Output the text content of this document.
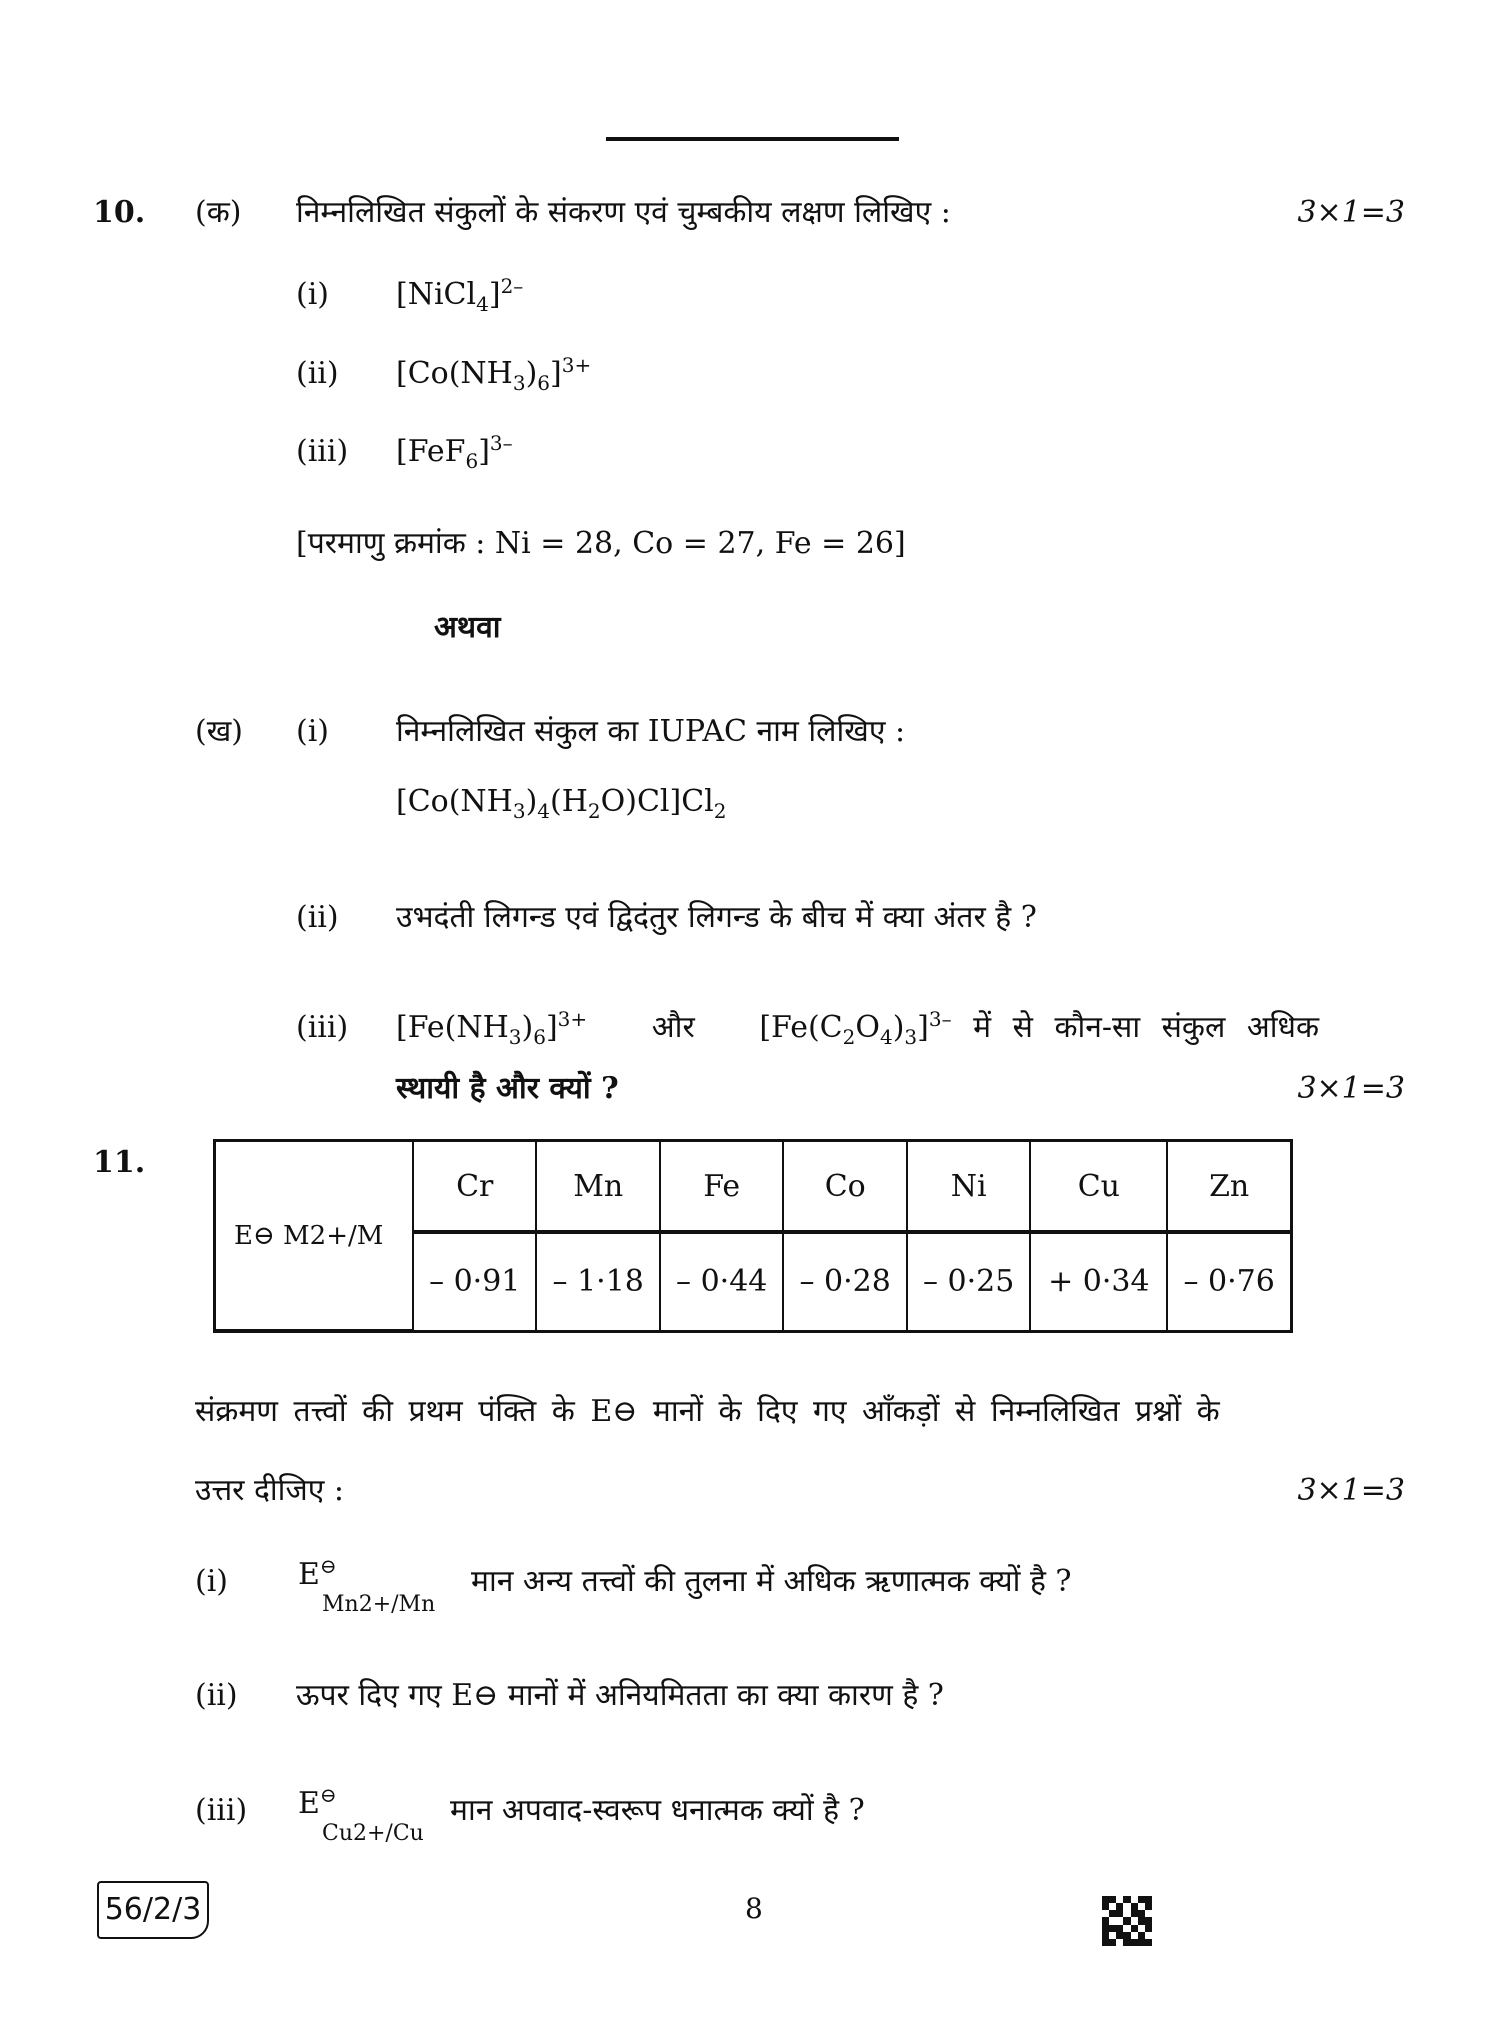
10. (क) निम्नलिखित संकुलों के संकरण एवं चुम्बकीय लक्षण लिखिए :	3×1=3
(i) [NiCl$_4$]$^{2-}$
(ii) $[Co(NH_3)_6]^{3+}$
(iii) $[FeF_6]^{3-}$
[परमाणु क्रमांक : Ni = 28, Co = 27, Fe = 26]
अथवा
(ख) (i) निम्नलिखित संकुल का IUPAC नाम लिखिए :
$[Co(NH_3)_4(H_2O)Cl]Cl_2$
(ii) उभदंती लिगन्ड एवं द्विदंतुर लिगन्ड के बीच में क्या अंतर है ?
(iii) $[Fe(NH_3)_6]^{3+}$ और   $[Fe(C_2O_4)_3]^{3-}$ में से कौन-सा संकुल अधिक
स्थायी है और क्यों ?	3×1=3
11.
E⊖ M2+/M	Cr	Mn	Fe	Co	Ni	Cu	Zn
	– 0·91	– 1·18	– 0·44	– 0·28	– 0·25	+ 0·34	– 0·76
संक्रमण तत्त्वों की प्रथम पंक्ति के E⊖ मानों के दिए गए आँकड़ों से निम्नलिखित प्रश्नों के
उत्तर दीजिए :	3×1=3
(i) E⊖
Mn2+/Mn
मान अन्य तत्त्वों की तुलना में अधिक ऋणात्मक क्यों है ?
(ii) ऊपर दिए गए E⊖ मानों में अनियमितता का क्या कारण है ?
(iii) E⊖
Cu2+/Cu
मान अपवाद-स्वरूप धनात्मक क्यों है ?
56/2/3	8
